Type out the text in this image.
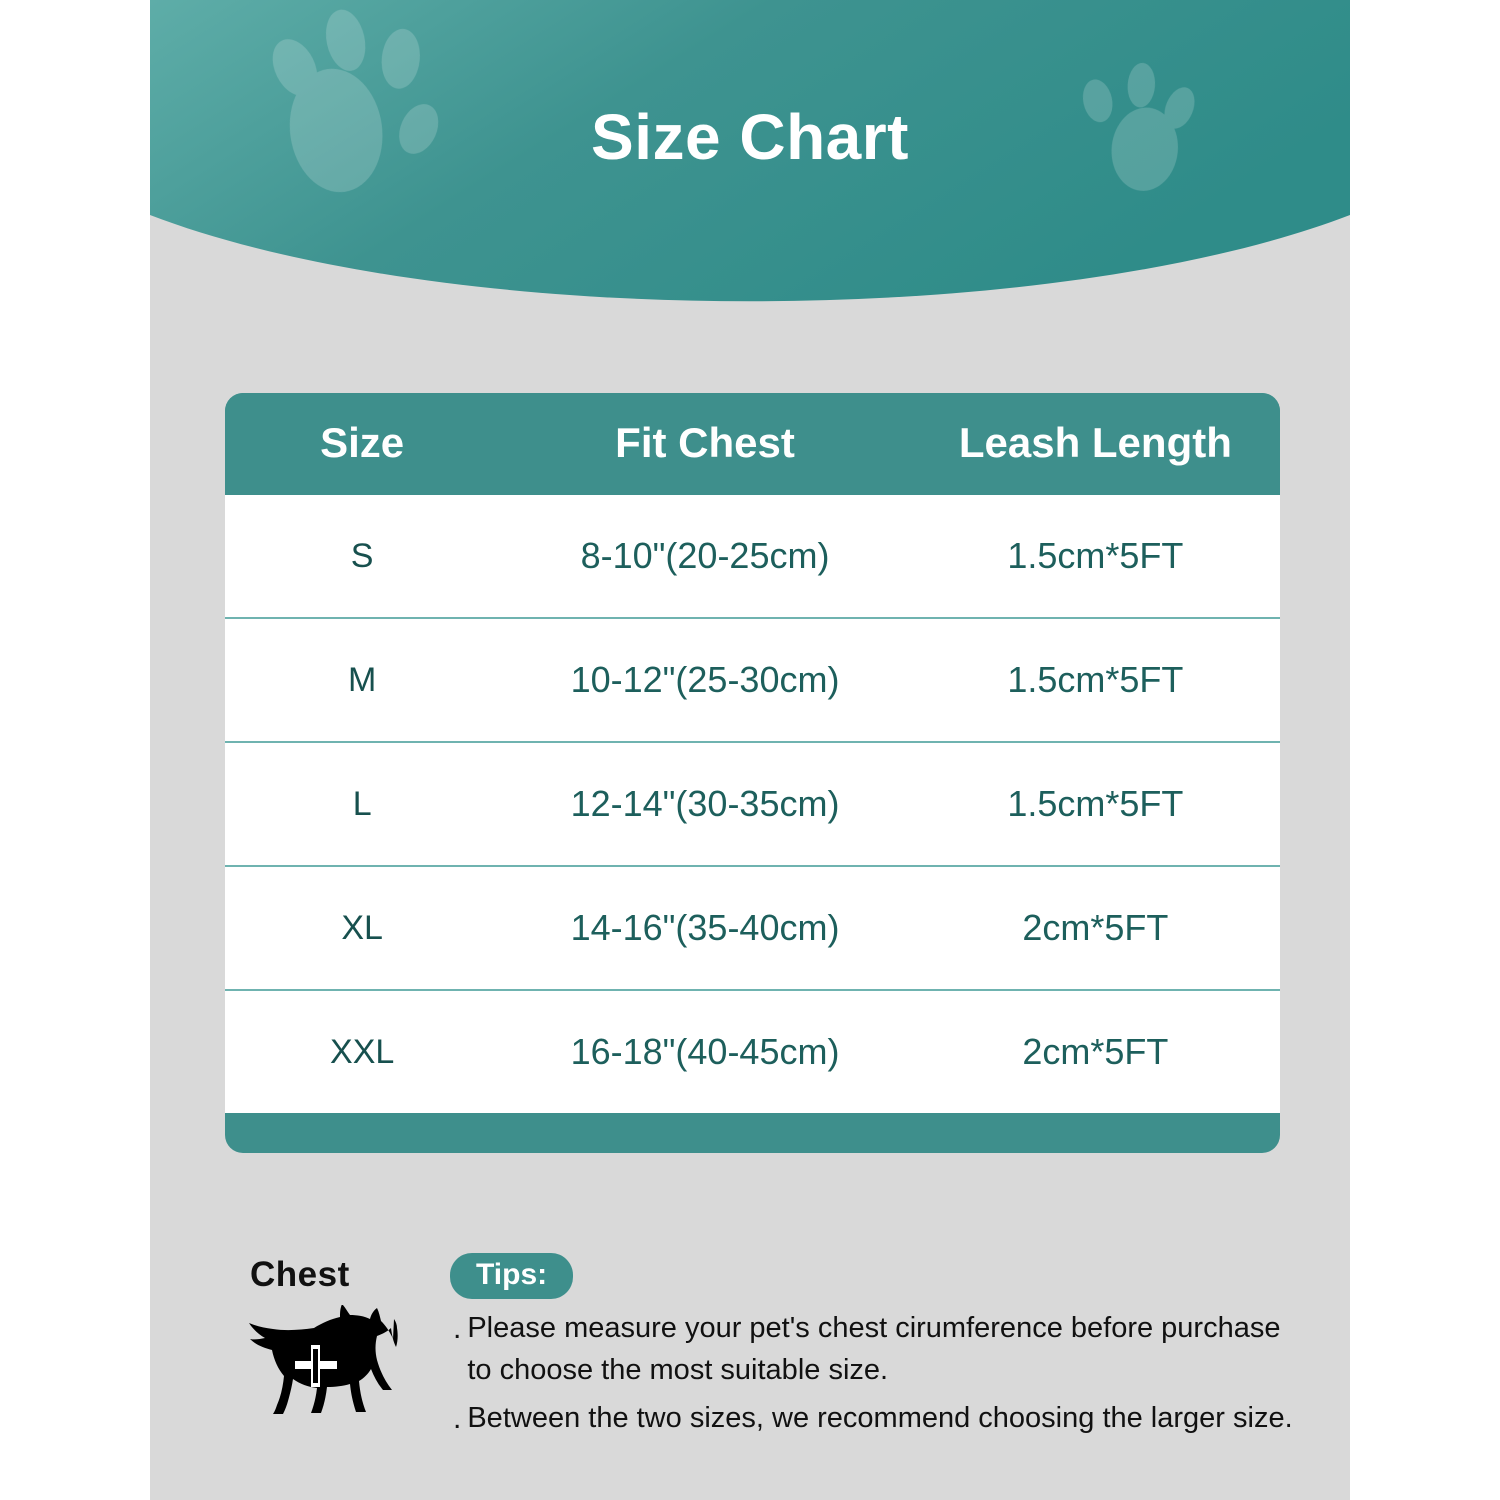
Size Chart
Size	Fit Chest	Leash Length
S	8-10"(20-25cm)	1.5cm*5FT
M	10-12"(25-30cm)	1.5cm*5FT
L	12-14"(30-35cm)	1.5cm*5FT
XL	14-16"(35-40cm)	2cm*5FT
XXL	16-18"(40-45cm)	2cm*5FT
Chest	Tips:
. Please measure your pet's chest cirumference before purchase to choose the most suitable size.
. Between the two sizes, we recommend choosing the larger size.
